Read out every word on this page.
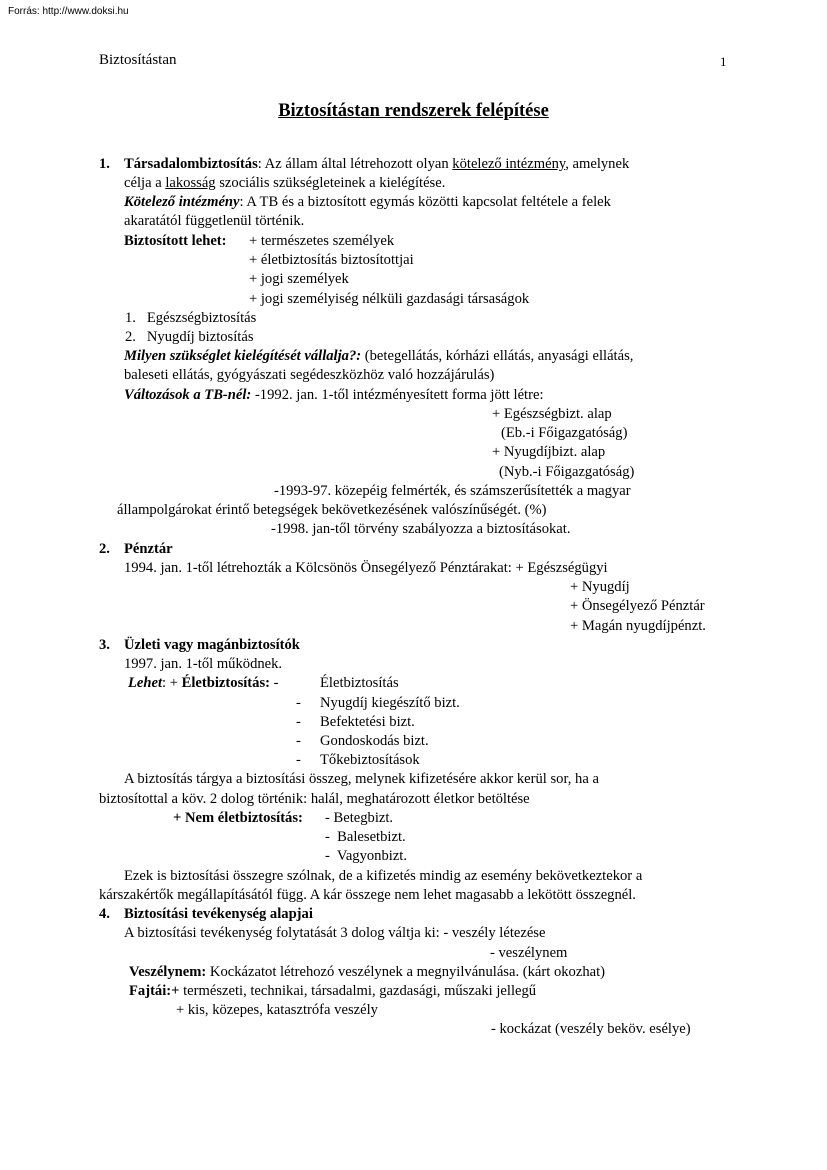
Forrás: http://www.doksi.hu
Biztosítástan	1
Biztosítástan rendszerek felépítése
1. Társadalombiztosítás: Az állam által létrehozott olyan kötelező intézmény, amelynek
célja a lakosság szociális szükségleteinek a kielégítése.
Kötelező intézmény: A TB és a biztosított egymás közötti kapcsolat feltétele a felek
akaratától függetlenül történik.
Biztosított lehet: + természetes személyek
+ életbiztosítás biztosítottjai
+ jogi személyek
+ jogi személyiség nélküli gazdasági társaságok
1.   Egészségbiztosítás
2.   Nyugdíj biztosítás
Milyen szükséglet kielégítését vállalja?: (betegellátás, kórházi ellátás, anyasági ellátás,
baleseti ellátás, gyógyászati segédeszközhöz való hozzájárulás)
Változások a TB-nél: -1992. jan. 1-től intézményesített forma jött létre:
+ Egészségbizt. alap
(Eb.-i Főigazgatóság)
+ Nyugdíjbizt. alap
(Nyb.-i Főigazgatóság)
-1993-97. közepéig felmérték, és számszerűsítették a magyar
állampolgárokat érintő betegségek bekövetkezésének valószínűségét. (%)
-1998. jan-től törvény szabályozza a biztosításokat.
2. Pénztár
1994. jan. 1-től létrehozták a Kölcsönös Önsegélyező Pénztárakat: + Egészségügyi
+ Nyugdíj
+ Önsegélyező Pénztár
+ Magán nyugdíjpénzt.
3. Üzleti vagy magánbiztosítók
1997. jan. 1-től működnek.
Lehet: + Életbiztosítás: -	Életbiztosítás
- Nyugdíj kiegészítő bizt.
- Befektetési bizt.
- Gondoskodás bizt.
- Tőkebiztosítások
A biztosítás tárgya a biztosítási összeg, melynek kifizetésére akkor kerül sor, ha a
biztosítottal a köv. 2 dolog történik: halál, meghatározott életkor betöltése
+ Nem életbiztosítás: - Betegbizt.
-  Balesetbizt.
-  Vagyonbizt.
Ezek is biztosítási összegre szólnak, de a kifizetés mindig az esemény bekövetkeztekor a
kárszakértők megállapításától függ. A kár összege nem lehet magasabb a lekötött összegnél.
4. Biztosítási tevékenység alapjai
A biztosítási tevékenység folytatását 3 dolog váltja ki: - veszély létezése
- veszélynem
Veszélynem: Kockázatot létrehozó veszélynek a megnyilvánulása. (kárt okozhat)
Fajtái:+ természeti, technikai, társadalmi, gazdasági, műszaki jellegű
+ kis, közepes, katasztrófa veszély
- kockázat (veszély beköv. esélye)
